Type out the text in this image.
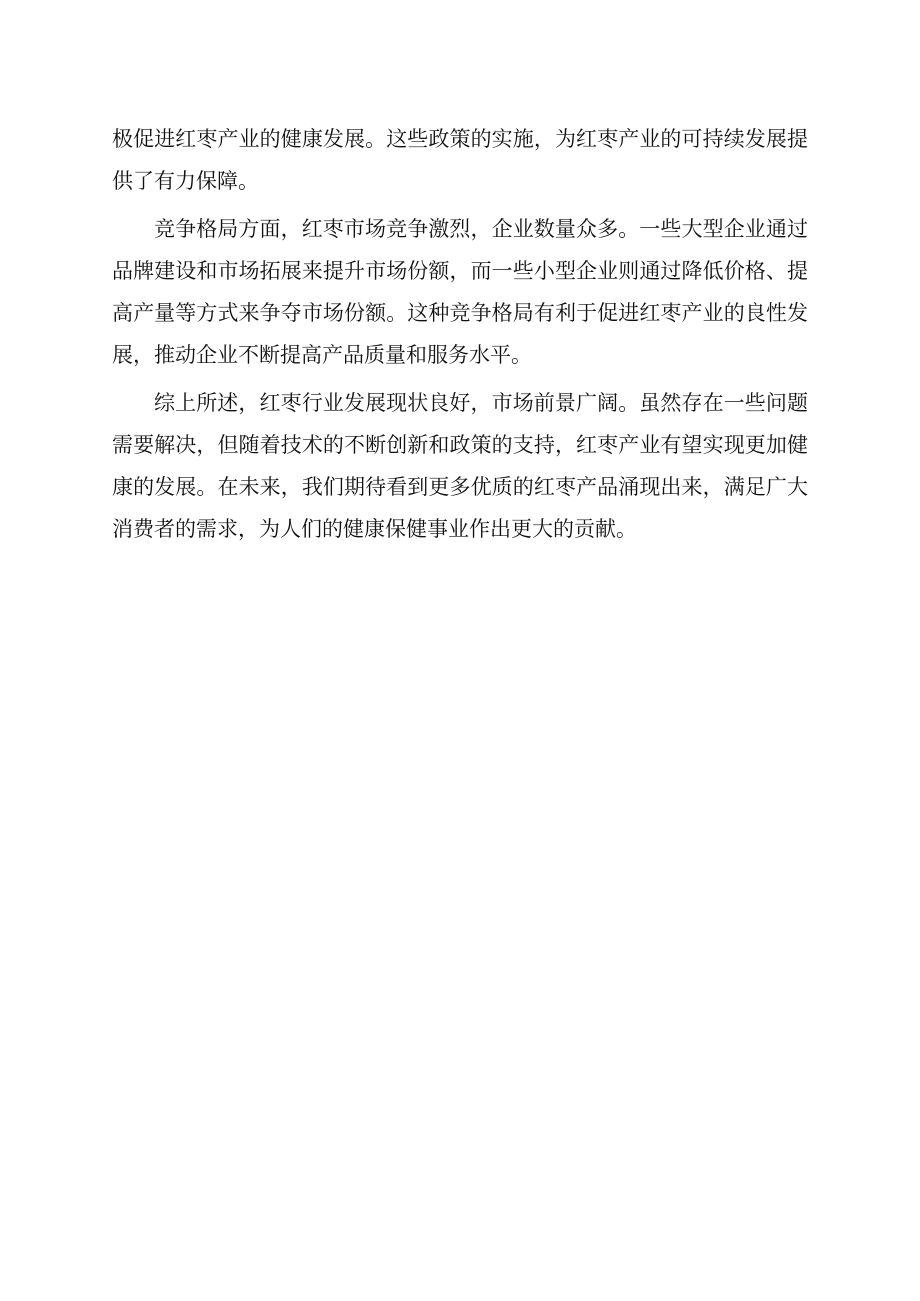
极促进红枣产业的健康发展。这些政策的实施，为红枣产业的可持续发展提供了有力保障。

竞争格局方面，红枣市场竞争激烈，企业数量众多。一些大型企业通过品牌建设和市场拓展来提升市场份额，而一些小型企业则通过降低价格、提高产量等方式来争夺市场份额。这种竞争格局有利于促进红枣产业的良性发展，推动企业不断提高产品质量和服务水平。

综上所述，红枣行业发展现状良好，市场前景广阔。虽然存在一些问题需要解决，但随着技术的不断创新和政策的支持，红枣产业有望实现更加健康的发展。在未来，我们期待看到更多优质的红枣产品涌现出来，满足广大消费者的需求，为人们的健康保健事业作出更大的贡献。
